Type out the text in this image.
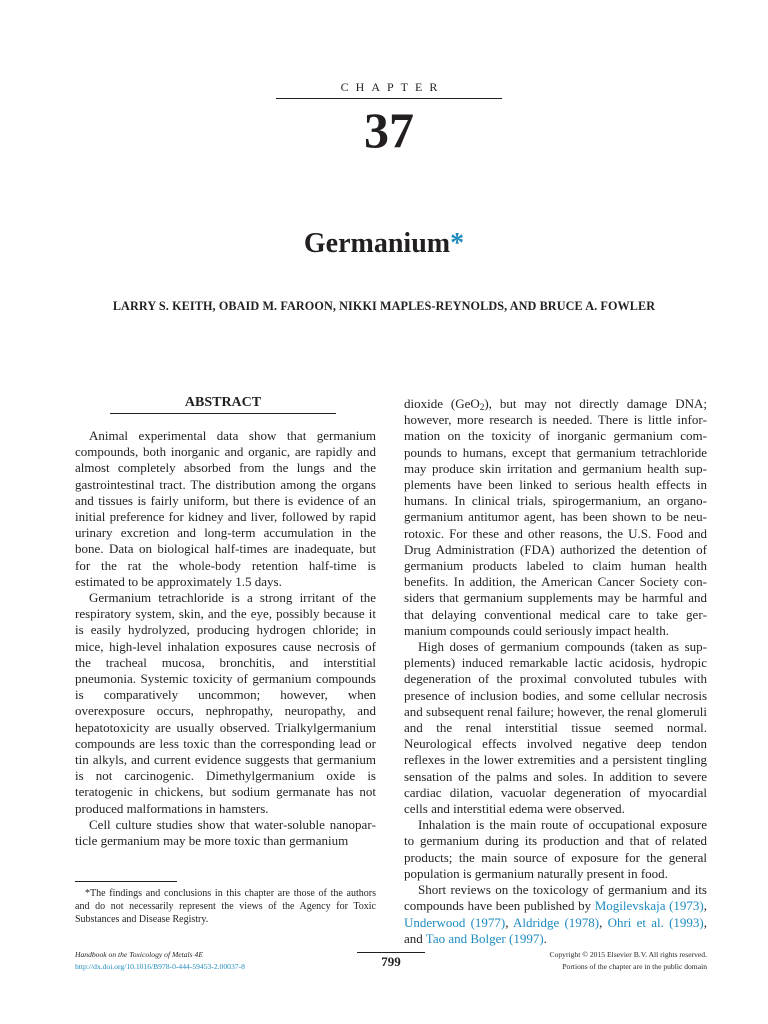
CHAPTER
37
Germanium*
LARRY S. KEITH, OBAID M. FAROON, NIKKI MAPLES-REYNOLDS, AND BRUCE A. FOWLER
ABSTRACT

Animal experimental data show that germanium compounds, both inorganic and organic, are rapidly and almost completely absorbed from the lungs and the gastrointestinal tract. The distribution among the organs and tissues is fairly uniform, but there is evidence of an initial preference for kidney and liver, followed by rapid urinary excretion and long-term accumulation in the bone. Data on biological half-times are inadequate, but for the rat the whole-body retention half-time is estimated to be approximately 1.5 days.

Germanium tetrachloride is a strong irritant of the respiratory system, skin, and the eye, possibly because it is easily hydrolyzed, producing hydrogen chloride; in mice, high-level inhalation exposures cause necrosis of the tracheal mucosa, bronchitis, and interstitial pneumonia. Systemic toxicity of germanium compounds is comparatively uncommon; however, when overexposure occurs, nephropathy, neuropathy, and hepatotoxicity are usually observed. Trialkylgermanium compounds are less toxic than the corresponding lead or tin alkyls, and current evidence suggests that germanium is not carcinogenic. Dimethylgermanium oxide is teratogenic in chickens, but sodium germanate has not produced malformations in hamsters.

Cell culture studies show that water-soluble nanoparticle germanium may be more toxic than germanium

dioxide (GeO$_2$), but may not directly damage DNA; however, more research is needed. There is little information on the toxicity of inorganic germanium compounds to humans, except that germanium tetrachloride may produce skin irritation and germanium health supplements have been linked to serious health effects in humans. In clinical trials, spirogermanium, an organogermanium antitumor agent, has been shown to be neurotoxic. For these and other reasons, the U.S. Food and Drug Administration (FDA) authorized the detention of germanium products labeled to claim human health benefits. In addition, the American Cancer Society considers that germanium supplements may be harmful and that delaying conventional medical care to take germanium compounds could seriously impact health.

High doses of germanium compounds (taken as supplements) induced remarkable lactic acidosis, hydropic degeneration of the proximal convoluted tubules with presence of inclusion bodies, and some cellular necrosis and subsequent renal failure; however, the renal glomeruli and the renal interstitial tissue seemed normal. Neurological effects involved negative deep tendon reflexes in the lower extremities and a persistent tingling sensation of the palms and soles. In addition to severe cardiac dilation, vacuolar degeneration of myocardial cells and interstitial edema were observed.

Inhalation is the main route of occupational exposure to germanium during its production and that of related products; the main source of exposure for the general population is germanium naturally present in food.

Short reviews on the toxicology of germanium and its compounds have been published by Mogilevskaja (1973), Underwood (1977), Aldridge (1978), Ohri et al. (1993), and Tao and Bolger (1997).

*The findings and conclusions in this chapter are those of the authors and do not necessarily represent the views of the Agency for Toxic Substances and Disease Registry.
Handbook on the Toxicology of Metals 4E
http://dx.doi.org/10.1016/B978-0-444-59453-2.00037-8	799	Copyright © 2015 Elsevier B.V. All rights reserved.
Portions of the chapter are in the public domain
